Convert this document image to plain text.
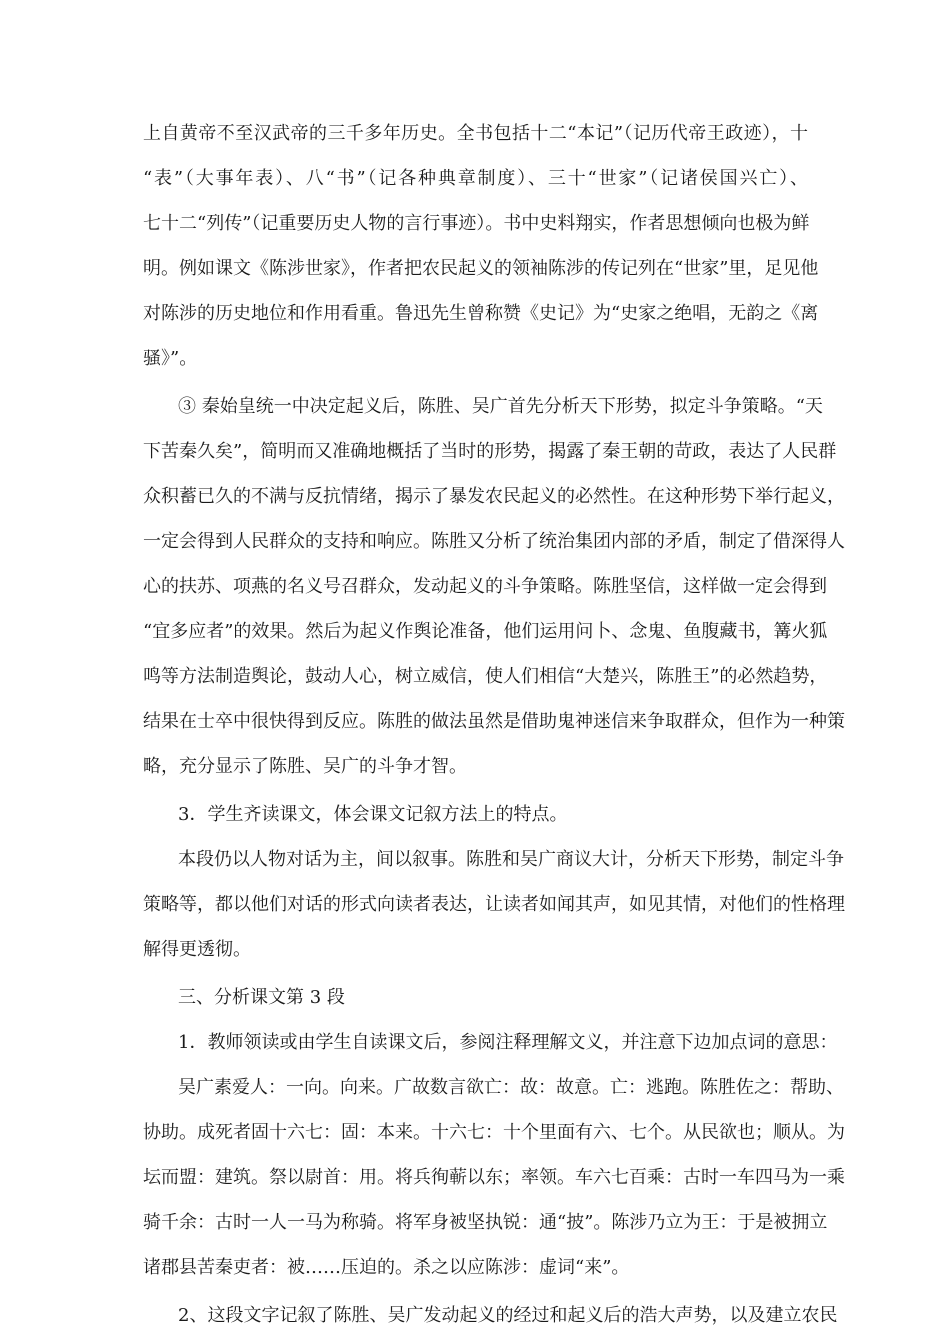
上自黄帝不至汉武帝的三千多年历史。全书包括十二“本记”（记历代帝王政迹），十
“表”（大事年表）、八“书”（记各种典章制度）、三十“世家”（记诸侯国兴亡）、
七十二“列传”（记重要历史人物的言行事迹）。书中史料翔实，作者思想倾向也极为鲜
明。例如课文《陈涉世家》，作者把农民起义的领袖陈涉的传记列在“世家”里，足见他
对陈涉的历史地位和作用看重。鲁迅先生曾称赞《史记》为“史家之绝唱，无韵之《离
骚》”。
③ 秦始皇统一中决定起义后，陈胜、吴广首先分析天下形势，拟定斗争策略。“天
下苦秦久矣”，简明而又准确地概括了当时的形势，揭露了秦王朝的苛政，表达了人民群
众积蓄已久的不满与反抗情绪，揭示了暴发农民起义的必然性。在这种形势下举行起义，
一定会得到人民群众的支持和响应。陈胜又分析了统治集团内部的矛盾，制定了借深得人
心的扶苏、项燕的名义号召群众，发动起义的斗争策略。陈胜坚信，这样做一定会得到
“宜多应者”的效果。然后为起义作舆论准备，他们运用问卜、念鬼、鱼腹藏书，篝火狐
鸣等方法制造舆论，鼓动人心，树立威信，使人们相信“大楚兴，陈胜王”的必然趋势，
结果在士卒中很快得到反应。陈胜的做法虽然是借助鬼神迷信来争取群众，但作为一种策
略，充分显示了陈胜、吴广的斗争才智。
3．学生齐读课文，体会课文记叙方法上的特点。
本段仍以人物对话为主，间以叙事。陈胜和吴广商议大计，分析天下形势，制定斗争
策略等，都以他们对话的形式向读者表达，让读者如闻其声，如见其情，对他们的性格理
解得更透彻。
三、分析课文第 3 段
1．教师领读或由学生自读课文后，参阅注释理解文义，并注意下边加点词的意思：
吴广素爱人：一向。向来。广故数言欲亡：故：故意。亡：逃跑。陈胜佐之：帮助、
协助。成死者固十六七：固：本来。十六七：十个里面有六、七个。从民欲也；顺从。为
坛而盟：建筑。祭以尉首：用。将兵徇蕲以东；率领。车六七百乘：古时一车四马为一乘
骑千余：古时一人一马为称骑。将军身被坚执锐：通“披”。陈涉乃立为王：于是被拥立
诸郡县苦秦吏者：被……压迫的。杀之以应陈涉：虚词“来”。
2、这段文字记叙了陈胜、吴广发动起义的经过和起义后的浩大声势，以及建立农民
